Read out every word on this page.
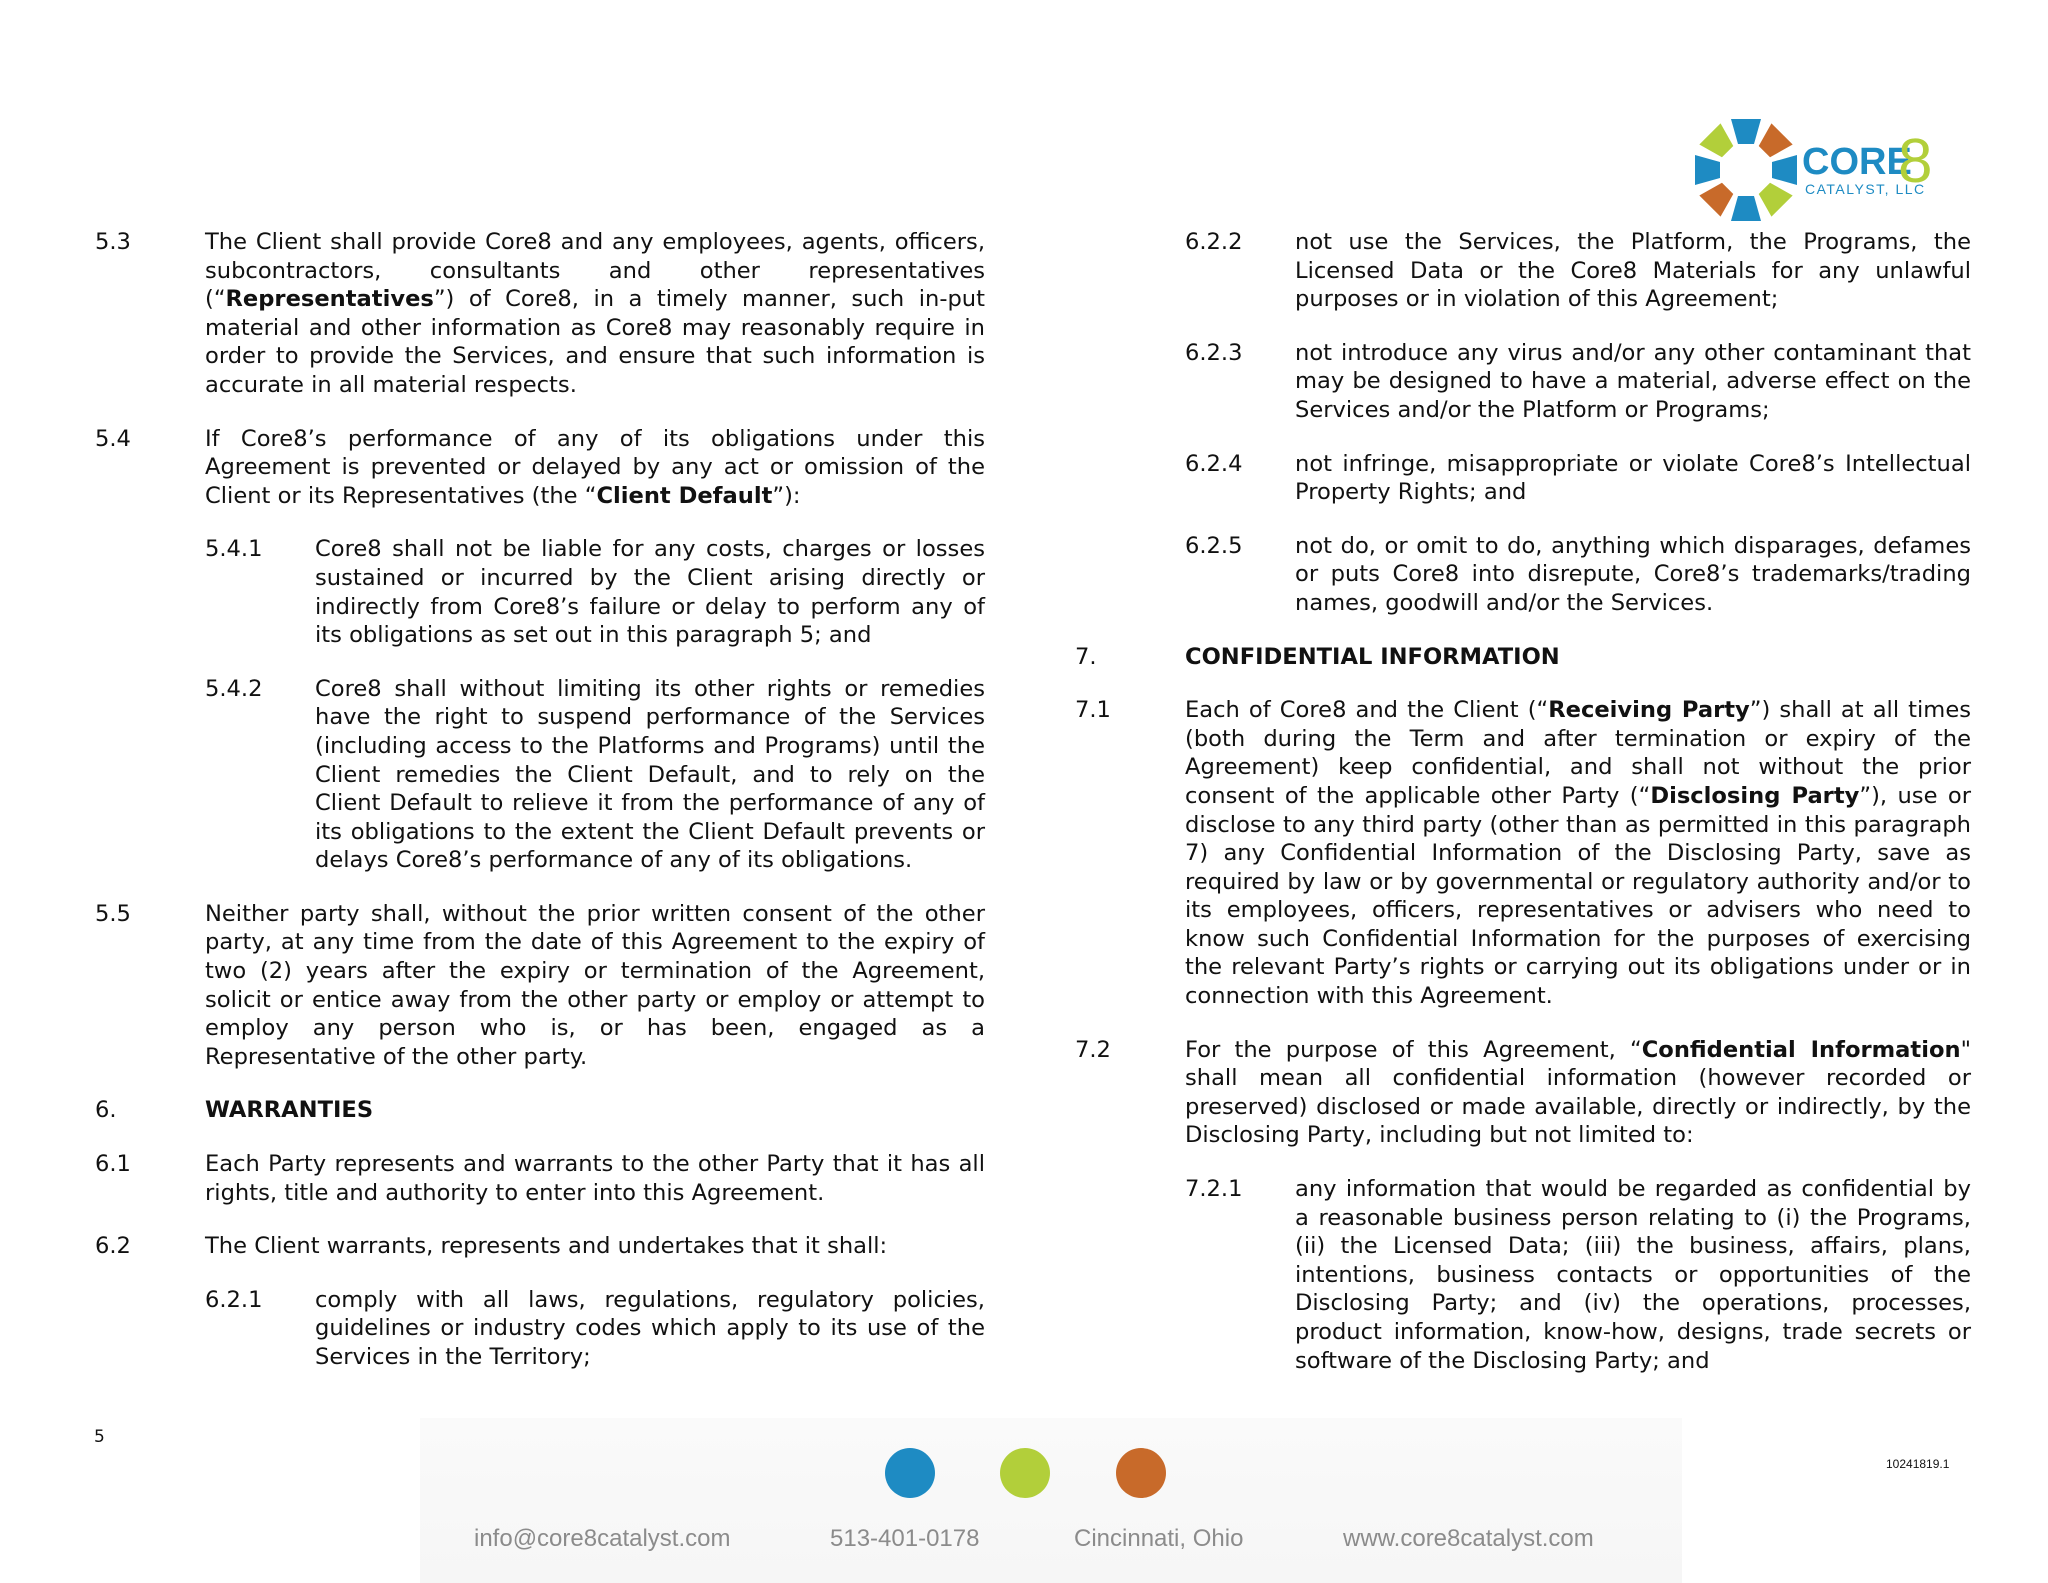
CORE
8
CATALYST, LLC
5.3	The Client shall provide Core8 and any employees, agents, officers, subcontractors, consultants and other representatives (“Representatives”) of Core8, in a timely manner, such in-put material and other information as Core8 may reasonably require in order to provide the Services, and ensure that such information is accurate in all material respects.
5.4	If Core8’s performance of any of its obligations under this Agreement is prevented or delayed by any act or omission of the Client or its Representatives (the “Client Default”):
5.4.1 Core8 shall not be liable for any costs, charges or losses sustained or incurred by the Client arising directly or indirectly from Core8’s failure or delay to perform any of its obligations as set out in this paragraph 5; and
5.4.2 Core8 shall without limiting its other rights or remedies have the right to suspend performance of the Services (including access to the Platforms and Programs) until the Client remedies the Client Default, and to rely on the Client Default to relieve it from the performance of any of its obligations to the extent the Client Default prevents or delays Core8’s performance of any of its obligations.
5.5	Neither party shall, without the prior written consent of the other party, at any time from the date of this Agreement to the expiry of two (2) years after the expiry or termination of the Agreement, solicit or entice away from the other party or employ or attempt to employ any person who is, or has been, engaged as a Representative of the other party.
6.	WARRANTIES
6.1	Each Party represents and warrants to the other Party that it has all rights, title and authority to enter into this Agreement.
6.2	The Client warrants, represents and undertakes that it shall:
6.2.1 comply with all laws, regulations, regulatory policies, guidelines or industry codes which apply to its use of the Services in the Territory;
6.2.2 not use the Services, the Platform, the Programs, the Licensed Data or the Core8 Materials for any unlawful purposes or in violation of this Agreement;
6.2.3 not introduce any virus and/or any other contaminant that may be designed to have a material, adverse effect on the Services and/or the Platform or Programs;
6.2.4 not infringe, misappropriate or violate Core8’s Intellectual Property Rights; and
6.2.5 not do, or omit to do, anything which disparages, defames or puts Core8 into disrepute, Core8’s trademarks/trading names, goodwill and/or the Services.
7.	CONFIDENTIAL INFORMATION
7.1	Each of Core8 and the Client (“Receiving Party”) shall at all times (both during the Term and after termination or expiry of the Agreement) keep confidential, and shall not without the prior consent of the applicable other Party (“Disclosing Party”), use or disclose to any third party (other than as permitted in this paragraph 7) any Confidential Information of the Disclosing Party, save as required by law or by governmental or regulatory authority and/or to its employees, officers, representatives or advisers who need to know such Confidential Information for the purposes of exercising the relevant Party’s rights or carrying out its obligations under or in connection with this Agreement.
7.2	For the purpose of this Agreement, “Confidential Information" shall mean all confidential information (however recorded or preserved) disclosed or made available, directly or indirectly, by the Disclosing Party, including but not limited to:
7.2.1 any information that would be regarded as confidential by a reasonable business person relating to (i) the Programs, (ii) the Licensed Data; (iii) the business, affairs, plans, intentions, business contacts or opportunities of the Disclosing Party; and (iv) the operations, processes, product information, know-how, designs, trade secrets or software of the Disclosing Party; and
5
10241819.1
info@core8catalyst.com	513-401-0178	Cincinnati, Ohio	www.core8catalyst.com
